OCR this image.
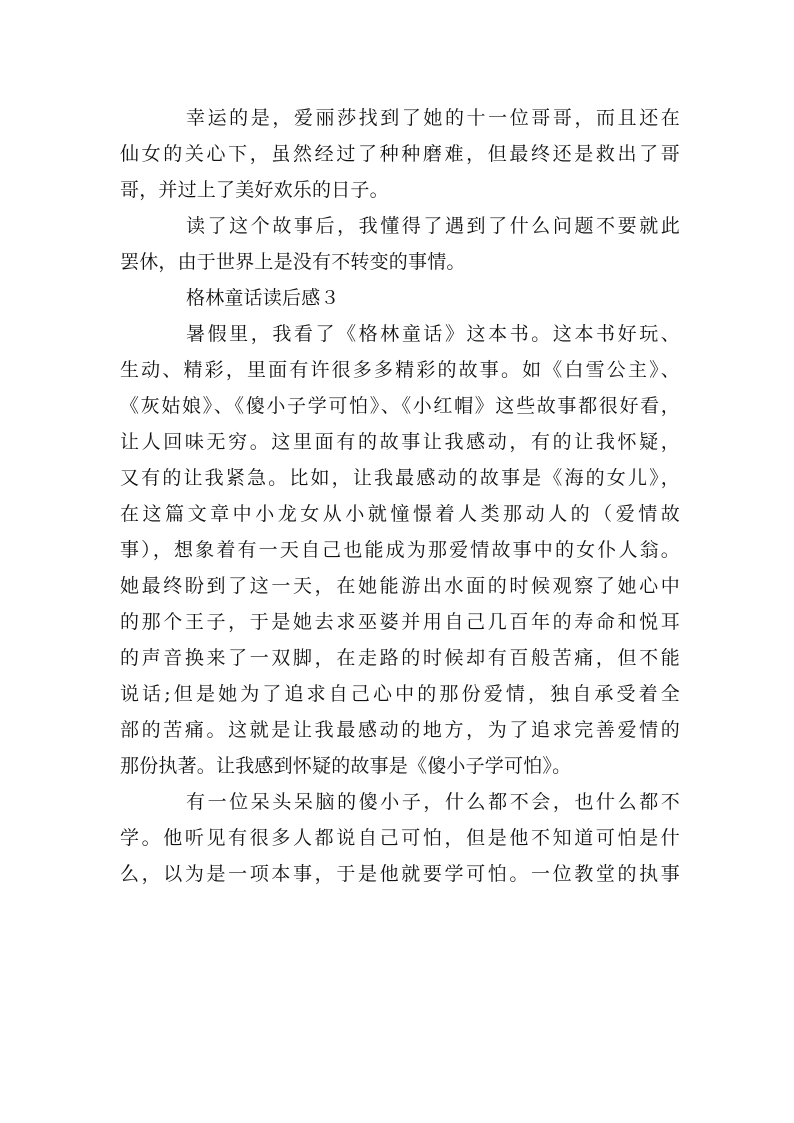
幸运的是，爱丽莎找到了她的十一位哥哥，而且还在
仙女的关心下，虽然经过了种种磨难，但最终还是救出了哥
哥，并过上了美好欢乐的日子。
读了这个故事后，我懂得了遇到了什么问题不要就此
罢休，由于世界上是没有不转变的事情。
格林童话读后感３
暑假里，我看了《格林童话》这本书。这本书好玩、
生动、精彩，里面有许很多多精彩的故事。如《白雪公主》、
《灰姑娘》、《傻小子学可怕》、《小红帽》这些故事都很好看，
让人回味无穷。这里面有的故事让我感动，有的让我怀疑，
又有的让我紧急。比如，让我最感动的故事是《海的女儿》，
在这篇文章中小龙女从小就憧憬着人类那动人的（爱情故
事），想象着有一天自己也能成为那爱情故事中的女仆人翁。
她最终盼到了这一天，在她能游出水面的时候观察了她心中
的那个王子，于是她去求巫婆并用自己几百年的寿命和悦耳
的声音换来了一双脚，在走路的时候却有百般苦痛，但不能
说话;但是她为了追求自己心中的那份爱情，独自承受着全
部的苦痛。这就是让我最感动的地方，为了追求完善爱情的
那份执著。让我感到怀疑的故事是《傻小子学可怕》。
有一位呆头呆脑的傻小子，什么都不会，也什么都不
学。他听见有很多人都说自己可怕，但是他不知道可怕是什
么，以为是一项本事，于是他就要学可怕。一位教堂的执事
